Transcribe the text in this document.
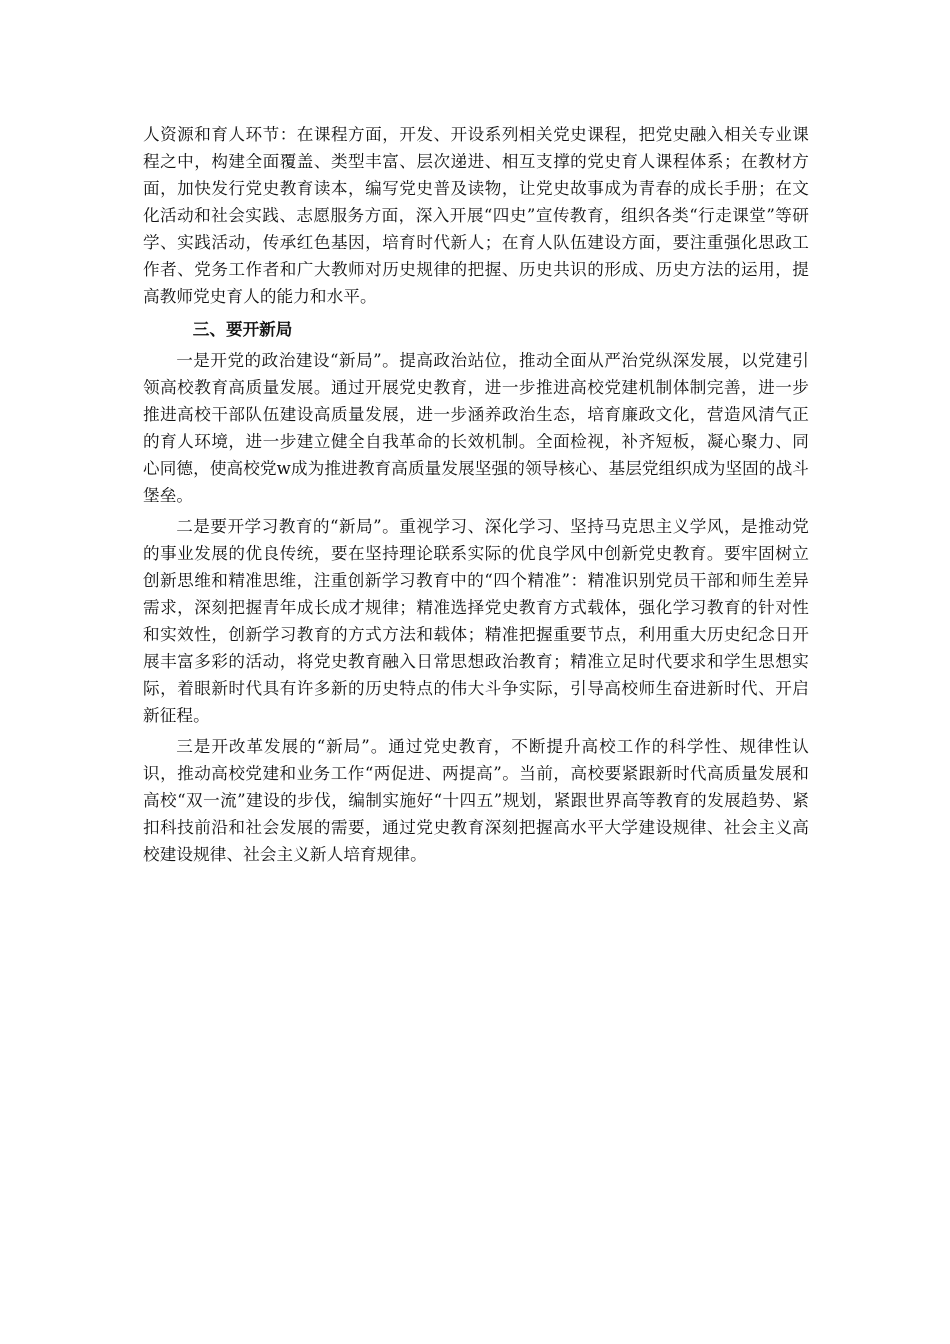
人资源和育人环节：在课程方面，开发、开设系列相关党史课程，把党史融入相关专业课程之中，构建全面覆盖、类型丰富、层次递进、相互支撑的党史育人课程体系；在教材方面，加快发行党史教育读本，编写党史普及读物，让党史故事成为青春的成长手册；在文化活动和社会实践、志愿服务方面，深入开展“四史”宣传教育，组织各类“行走课堂”等研学、实践活动，传承红色基因，培育时代新人；在育人队伍建设方面，要注重强化思政工作者、党务工作者和广大教师对历史规律的把握、历史共识的形成、历史方法的运用，提高教师党史育人的能力和水平。

三、要开新局

一是开党的政治建设“新局”。提高政治站位，推动全面从严治党纵深发展，以党建引领高校教育高质量发展。通过开展党史教育，进一步推进高校党建机制体制完善，进一步推进高校干部队伍建设高质量发展，进一步涵养政治生态，培育廉政文化，营造风清气正的育人环境，进一步建立健全自我革命的长效机制。全面检视，补齐短板，凝心聚力、同心同德，使高校党w成为推进教育高质量发展坚强的领导核心、基层党组织成为坚固的战斗堡垒。

二是要开学习教育的“新局”。重视学习、深化学习、坚持马克思主义学风，是推动党的事业发展的优良传统，要在坚持理论联系实际的优良学风中创新党史教育。要牢固树立创新思维和精准思维，注重创新学习教育中的“四个精准”：精准识别党员干部和师生差异需求，深刻把握青年成长成才规律；精准选择党史教育方式载体，强化学习教育的针对性和实效性，创新学习教育的方式方法和载体；精准把握重要节点，利用重大历史纪念日开展丰富多彩的活动，将党史教育融入日常思想政治教育；精准立足时代要求和学生思想实际，着眼新时代具有许多新的历史特点的伟大斗争实际，引导高校师生奋进新时代、开启新征程。

三是开改革发展的“新局”。通过党史教育，不断提升高校工作的科学性、规律性认识，推动高校党建和业务工作“两促进、两提高”。当前，高校要紧跟新时代高质量发展和高校“双一流”建设的步伐，编制实施好“十四五”规划，紧跟世界高等教育的发展趋势、紧扣科技前沿和社会发展的需要，通过党史教育深刻把握高水平大学建设规律、社会主义高校建设规律、社会主义新人培育规律。
